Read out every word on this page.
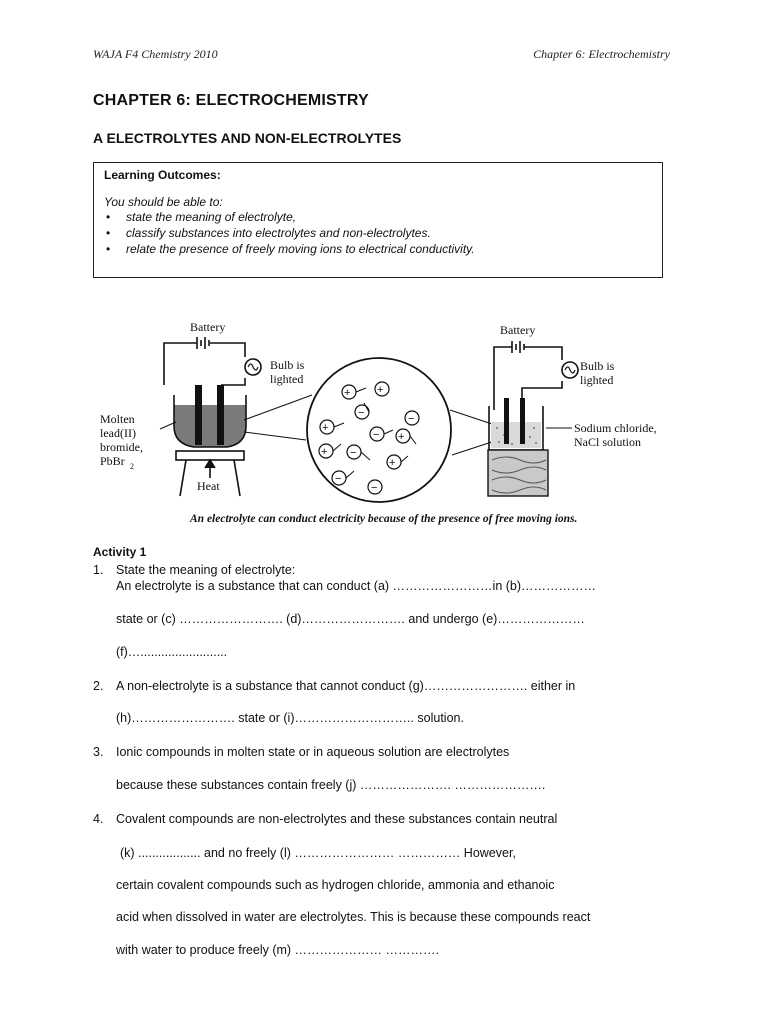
WAJA F4 Chemistry 2010	Chapter 6: Electrochemistry
CHAPTER 6: ELECTROCHEMISTRY
A ELECTROLYTES AND NON-ELECTROLYTES
Learning Outcomes:
You should be able to:
• state the meaning of electrolyte,
• classify substances into electrolytes and non-electrolytes.
• relate the presence of freely moving ions to electrical conductivity.
Battery
Bulb is
lighted
Heat
Molten
lead(II)
bromide,
PbBr 2
+ +
−
+
− +
−
+ −
+
−
−
Battery
Bulb is
lighted
Sodium chloride,
NaCl solution
An electrolyte can conduct electricity because of the presence of free moving ions.
Activity 1
1. State the meaning of electrolyte:
An electrolyte is a substance that can conduct (a) ……………………in (b)………………
state or (c) ……………………. (d)……………………. and undergo (e)…………………
(f)….........................
2. A non-electrolyte is a substance that cannot conduct (g)……………………. either in
(h)……………………. state or (i)……………………….. solution.
3. Ionic compounds in molten state or in aqueous solution are electrolytes
because these substances contain freely (j) …………………. ………………….
4. Covalent compounds are non-electrolytes and these substances contain neutral
(k) .................. and no freely (l) …………………… …………… However,
certain covalent compounds such as hydrogen chloride, ammonia and ethanoic
acid when dissolved in water are electrolytes. This is because these compounds react
with water to produce freely (m) ………………… ………….
